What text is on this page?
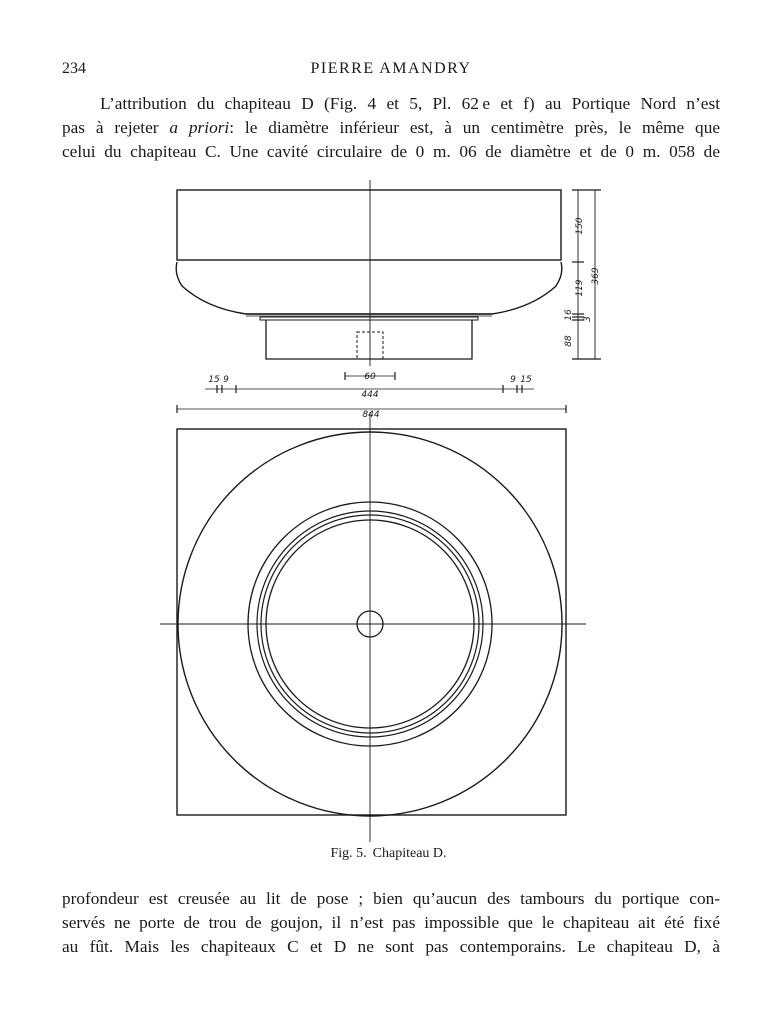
234	PIERRE AMANDRY
L’attribution du chapiteau D (Fig. 4 et 5, Pl. 62 e et f) au Portique Nord n’est
pas à rejeter a priori: le diamètre inférieur est, à un centimètre près, le même que
celui du chapiteau C. Une cavité circulaire de 0 m. 06 de diamètre et de 0 m. 058 de
150
119
369
16 3
88
60
444
844
15 9	9 15
Fig. 5. Chapiteau D.
profondeur est creusée au lit de pose ; bien qu’aucun des tambours du portique con-
servés ne porte de trou de goujon, il n’est pas impossible que le chapiteau ait été fixé
au fût. Mais les chapiteaux C et D ne sont pas contemporains. Le chapiteau D, à
